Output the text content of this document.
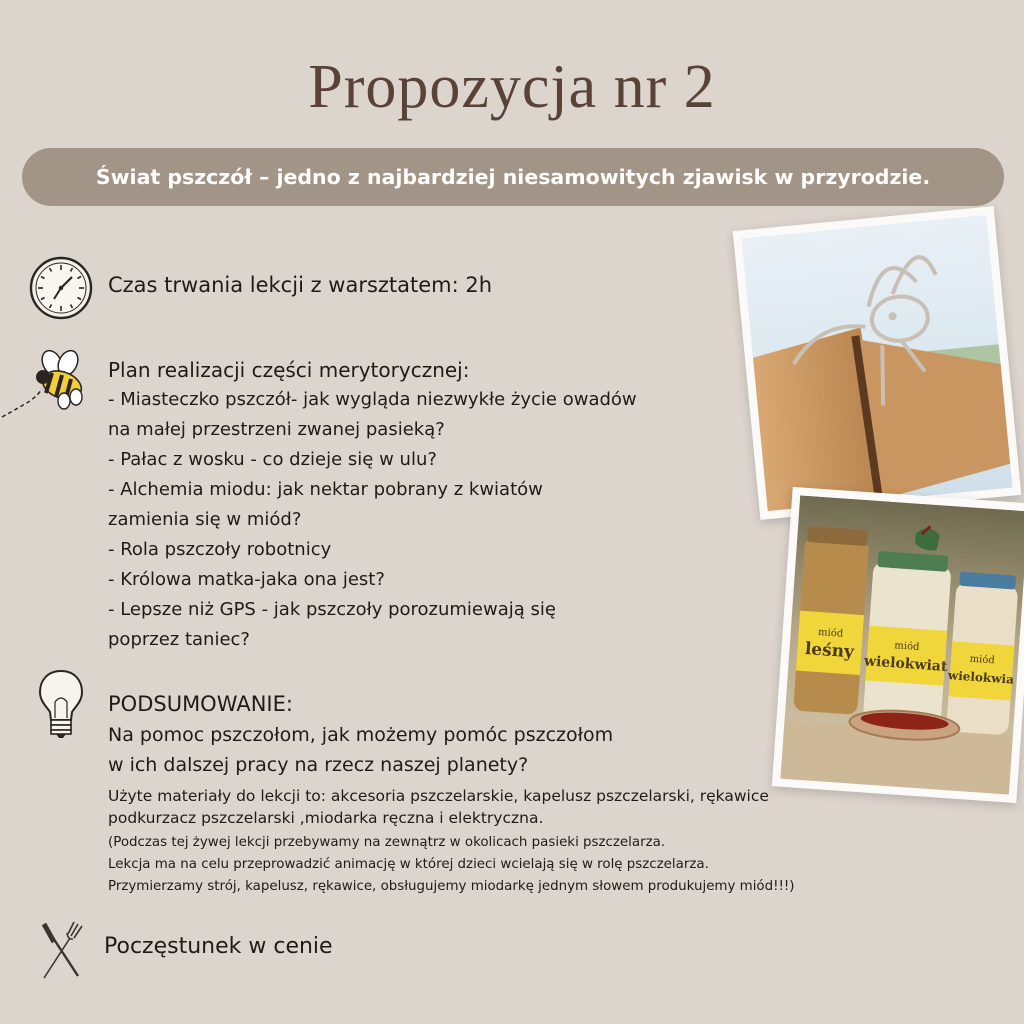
Propozycja nr 2
Świat pszczół – jedno z najbardziej niesamowitych zjawisk w przyrodzie.
Czas trwania lekcji z warsztatem: 2h
Plan realizacji części merytorycznej:
- Miasteczko pszczół- jak wygląda niezwykłe życie owadów
na małej przestrzeni zwanej pasieką?
- Pałac z wosku - co dzieje się w ulu?
- Alchemia miodu: jak nektar pobrany z kwiatów
zamienia się w miód?
- Rola pszczoły robotnicy
- Królowa matka-jaka ona jest?
- Lepsze niż GPS - jak pszczoły porozumiewają się
poprzez taniec?
PODSUMOWANIE:
Na pomoc pszczołom, jak możemy pomóc pszczołom
w ich dalszej pracy na rzecz naszej planety?
Użyte materiały do lekcji to: akcesoria pszczelarskie, kapelusz pszczelarski, rękawice
podkurzacz pszczelarski ,miodarka ręczna i elektryczna.
(Podczas tej żywej lekcji przebywamy na zewnątrz w okolicach pasieki pszczelarza.
Lekcja ma na celu przeprowadzić animację w której dzieci wcielają się w rolę pszczelarza.
Przymierzamy strój, kapelusz, rękawice, obsługujemy miodarkę jednym słowem produkujemy miód!!!)
Poczęstunek w cenie
miód
leśny	miód
wielokwiat miód
wielokwia
